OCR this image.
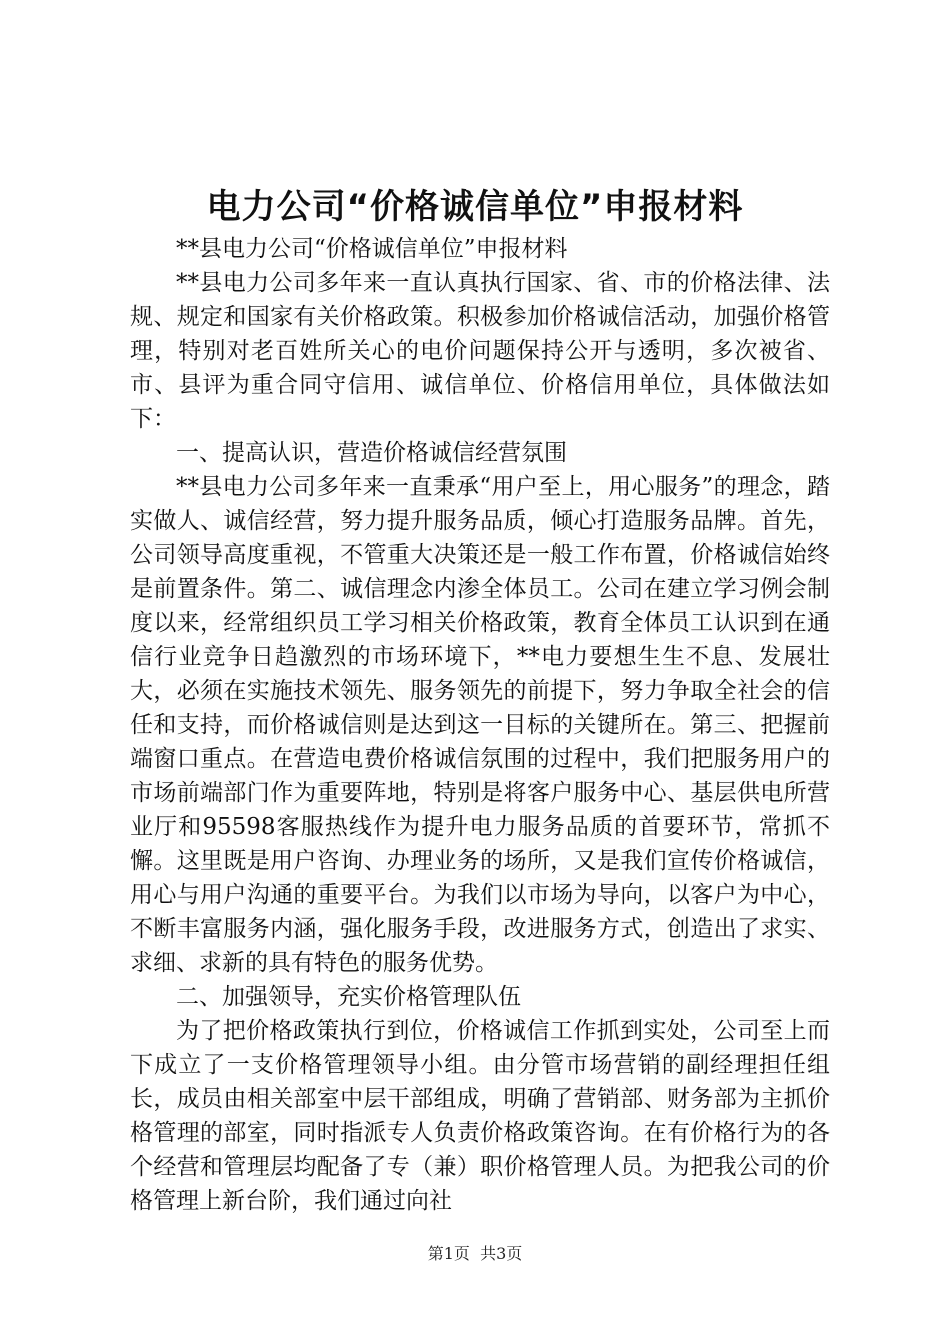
电力公司“价格诚信单位”申报材料

**县电力公司“价格诚信单位”申报材料

**县电力公司多年来一直认真执行国家、省、市的价格法律、法规、规定和国家有关价格政策。积极参加价格诚信活动，加强价格管理，特别对老百姓所关心的电价问题保持公开与透明，多次被省、市、县评为重合同守信用、诚信单位、价格信用单位，具体做法如下：

一、提高认识，营造价格诚信经营氛围

**县电力公司多年来一直秉承“用户至上，用心服务”的理念，踏实做人、诚信经营，努力提升服务品质，倾心打造服务品牌。首先，公司领导高度重视，不管重大决策还是一般工作布置，价格诚信始终是前置条件。第二、诚信理念内渗全体员工。公司在建立学习例会制度以来，经常组织员工学习相关价格政策，教育全体员工认识到在通信行业竞争日趋激烈的市场环境下，**电力要想生生不息、发展壮大，必须在实施技术领先、服务领先的前提下，努力争取全社会的信任和支持，而价格诚信则是达到这一目标的关键所在。第三、把握前端窗口重点。在营造电费价格诚信氛围的过程中，我们把服务用户的市场前端部门作为重要阵地，特别是将客户服务中心、基层供电所营业厅和95598客服热线作为提升电力服务品质的首要环节，常抓不懈。这里既是用户咨询、办理业务的场所，又是我们宣传价格诚信，用心与用户沟通的重要平台。为我们以市场为导向，以客户为中心，不断丰富服务内涵，强化服务手段，改进服务方式，创造出了求实、求细、求新的具有特色的服务优势。

二、加强领导，充实价格管理队伍

为了把价格政策执行到位，价格诚信工作抓到实处，公司至上而下成立了一支价格管理领导小组。由分管市场营销的副经理担任组长，成员由相关部室中层干部组成，明确了营销部、财务部为主抓价格管理的部室，同时指派专人负责价格政策咨询。在有价格行为的各个经营和管理层均配备了专（兼）职价格管理人员。为把我公司的价格管理上新台阶，我们通过向社

第1页 共3页
